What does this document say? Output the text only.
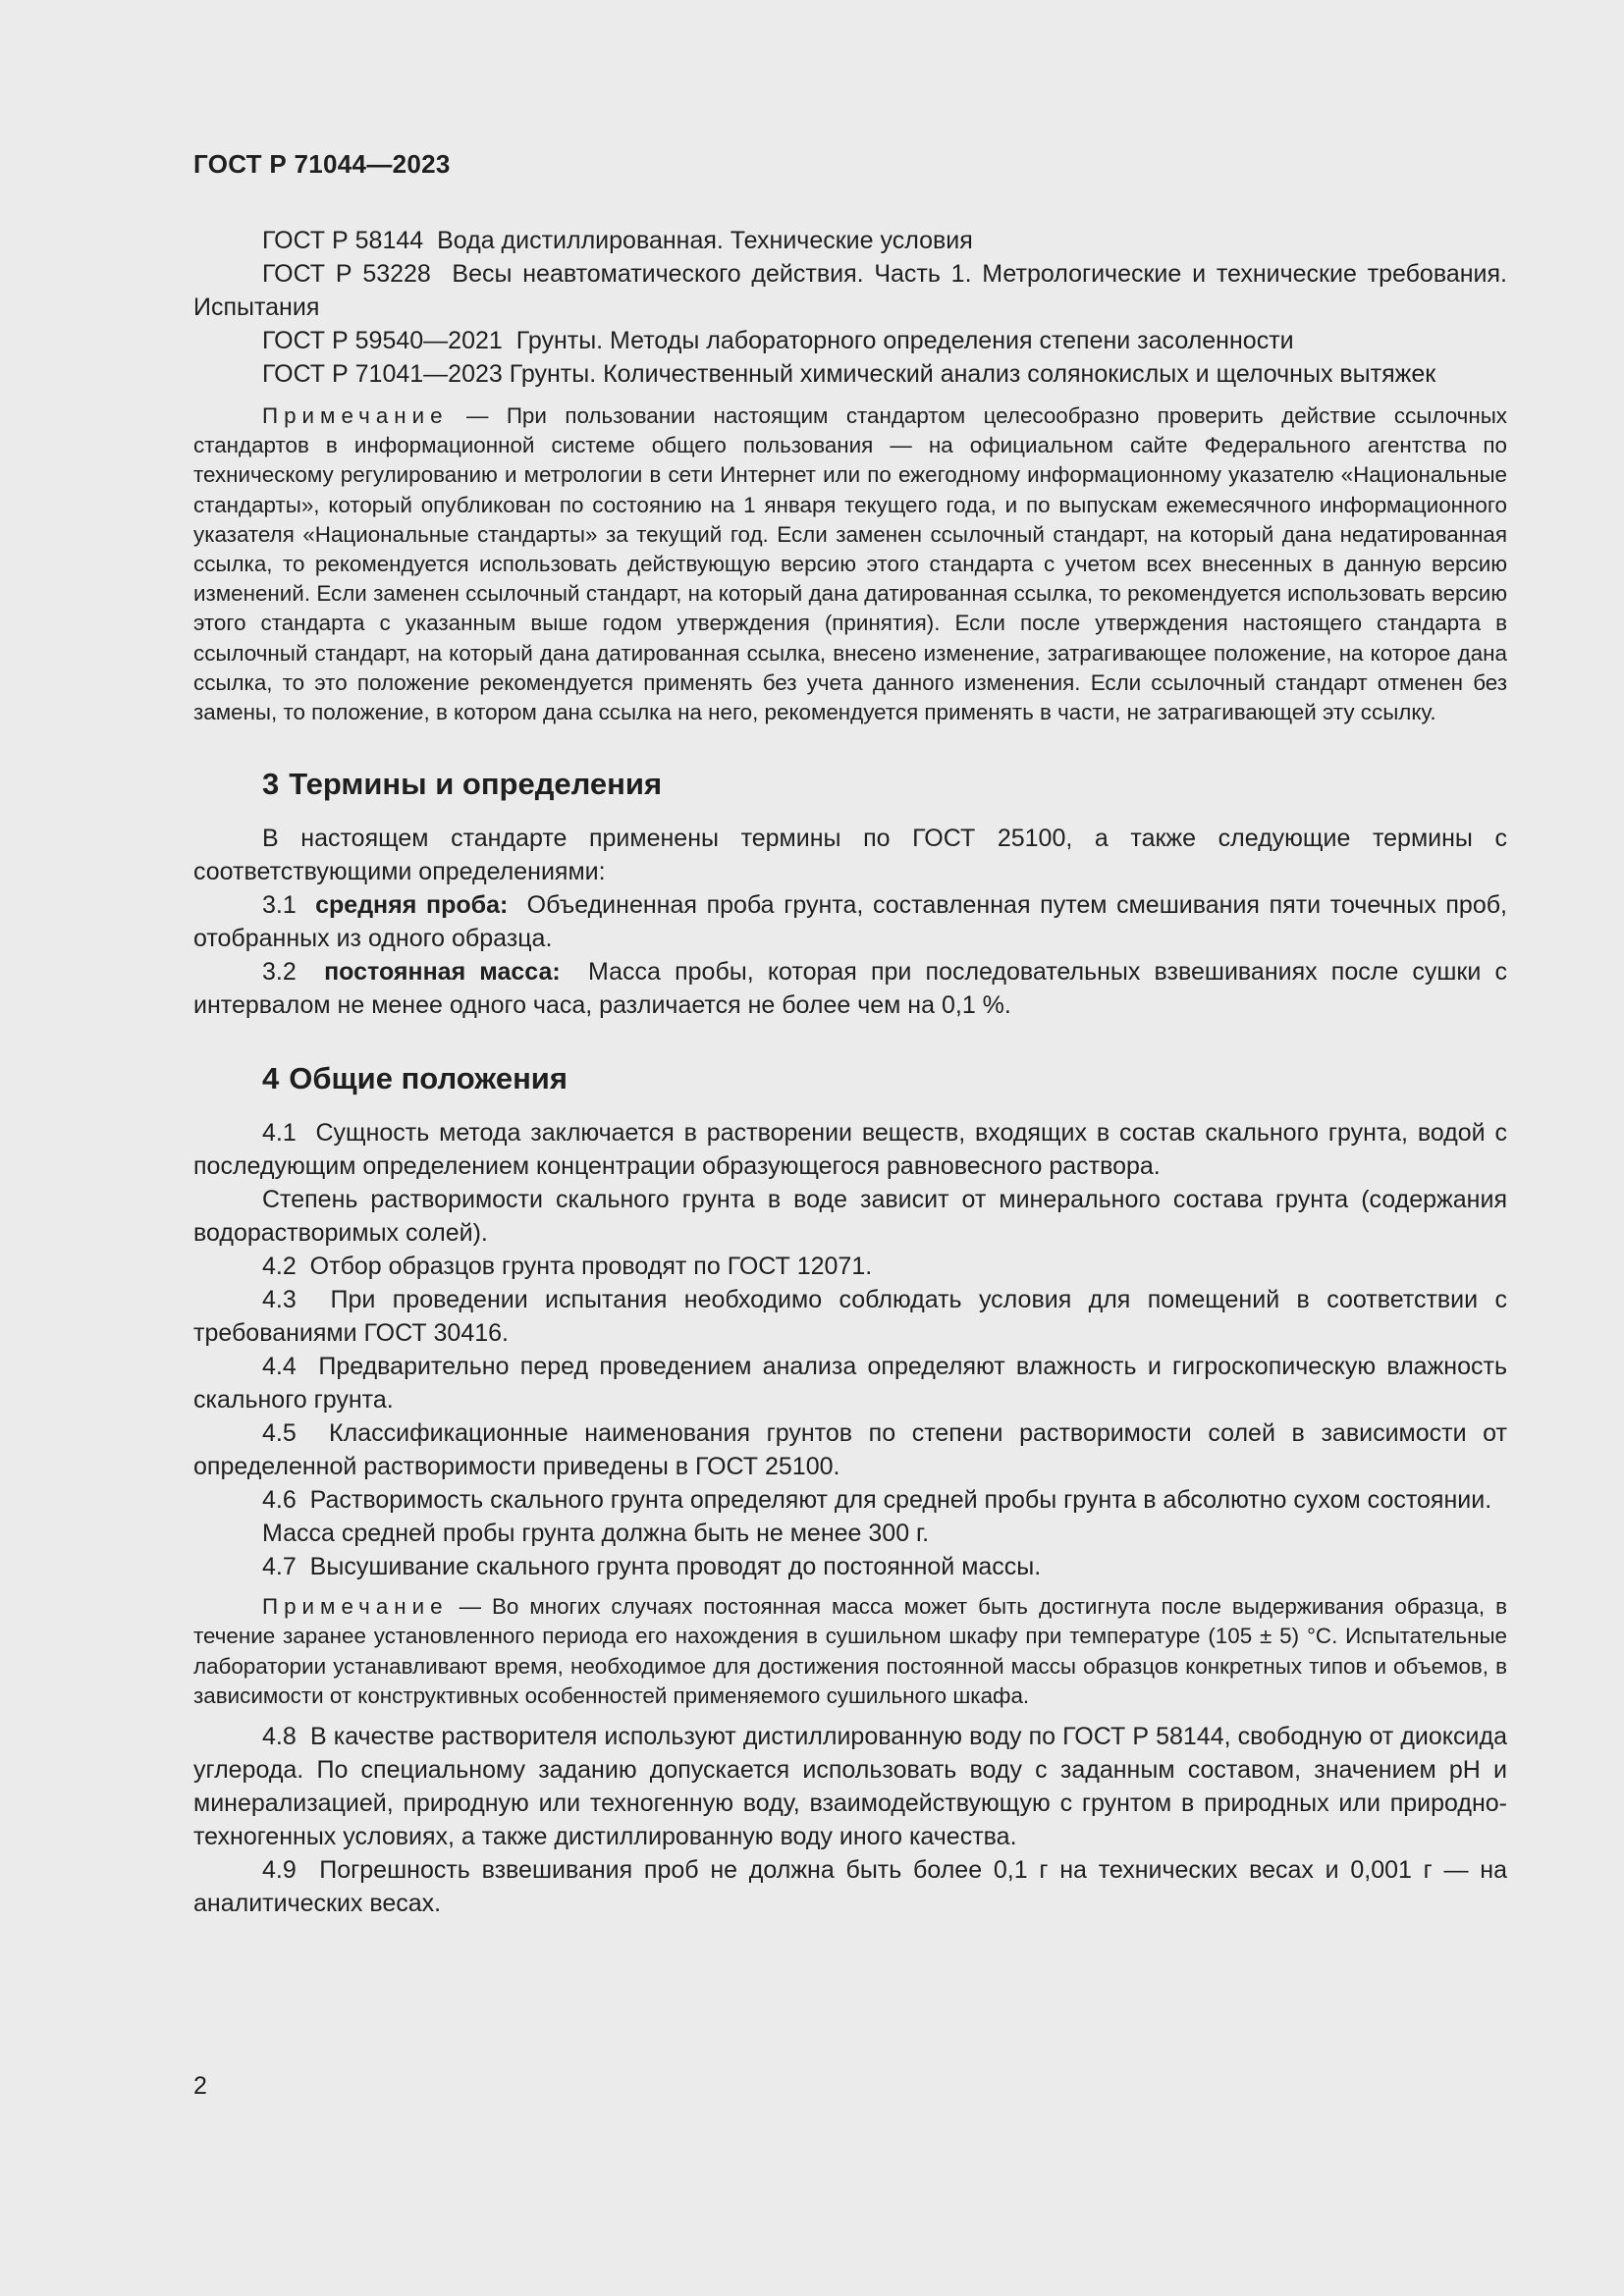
ГОСТ Р 71044—2023

ГОСТ Р 58144 Вода дистиллированная. Технические условия

ГОСТ Р 53228 Весы неавтоматического действия. Часть 1. Метрологические и технические требования. Испытания

ГОСТ Р 59540—2021 Грунты. Методы лабораторного определения степени засоленности

ГОСТ Р 71041—2023 Грунты. Количественный химический анализ солянокислых и щелочных вытяжек

Примечание — При пользовании настоящим стандартом целесообразно проверить действие ссылочных стандартов в информационной системе общего пользования — на официальном сайте Федерального агентства по техническому регулированию и метрологии в сети Интернет или по ежегодному информационному указателю «Национальные стандарты», который опубликован по состоянию на 1 января текущего года, и по выпускам ежемесячного информационного указателя «Национальные стандарты» за текущий год. Если заменен ссылочный стандарт, на который дана недатированная ссылка, то рекомендуется использовать действующую версию этого стандарта с учетом всех внесенных в данную версию изменений. Если заменен ссылочный стандарт, на который дана датированная ссылка, то рекомендуется использовать версию этого стандарта с указанным выше годом утверждения (принятия). Если после утверждения настоящего стандарта в ссылочный стандарт, на который дана датированная ссылка, внесено изменение, затрагивающее положение, на которое дана ссылка, то это положение рекомендуется применять без учета данного изменения. Если ссылочный стандарт отменен без замены, то положение, в котором дана ссылка на него, рекомендуется применять в части, не затрагивающей эту ссылку.

3 Термины и определения

В настоящем стандарте применены термины по ГОСТ 25100, а также следующие термины с соответствующими определениями:

3.1 средняя проба: Объединенная проба грунта, составленная путем смешивания пяти точечных проб, отобранных из одного образца.

3.2 постоянная масса: Масса пробы, которая при последовательных взвешиваниях после сушки с интервалом не менее одного часа, различается не более чем на 0,1 %.

4 Общие положения

4.1 Сущность метода заключается в растворении веществ, входящих в состав скального грунта, водой с последующим определением концентрации образующегося равновесного раствора.

Степень растворимости скального грунта в воде зависит от минерального состава грунта (содержания водорастворимых солей).

4.2 Отбор образцов грунта проводят по ГОСТ 12071.

4.3 При проведении испытания необходимо соблюдать условия для помещений в соответствии с требованиями ГОСТ 30416.

4.4 Предварительно перед проведением анализа определяют влажность и гигроскопическую влажность скального грунта.

4.5 Классификационные наименования грунтов по степени растворимости солей в зависимости от определенной растворимости приведены в ГОСТ 25100.

4.6 Растворимость скального грунта определяют для средней пробы грунта в абсолютно сухом состоянии.

Масса средней пробы грунта должна быть не менее 300 г.

4.7 Высушивание скального грунта проводят до постоянной массы.

Примечание — Во многих случаях постоянная масса может быть достигнута после выдерживания образца, в течение заранее установленного периода его нахождения в сушильном шкафу при температуре (105 ± 5) °С. Испытательные лаборатории устанавливают время, необходимое для достижения постоянной массы образцов конкретных типов и объемов, в зависимости от конструктивных особенностей применяемого сушильного шкафа.

4.8 В качестве растворителя используют дистиллированную воду по ГОСТ Р 58144, свободную от диоксида углерода. По специальному заданию допускается использовать воду с заданным составом, значением pH и минерализацией, природную или техногенную воду, взаимодействующую с грунтом в природных или природно-техногенных условиях, а также дистиллированную воду иного качества.

4.9 Погрешность взвешивания проб не должна быть более 0,1 г на технических весах и 0,001 г — на аналитических весах.

2
